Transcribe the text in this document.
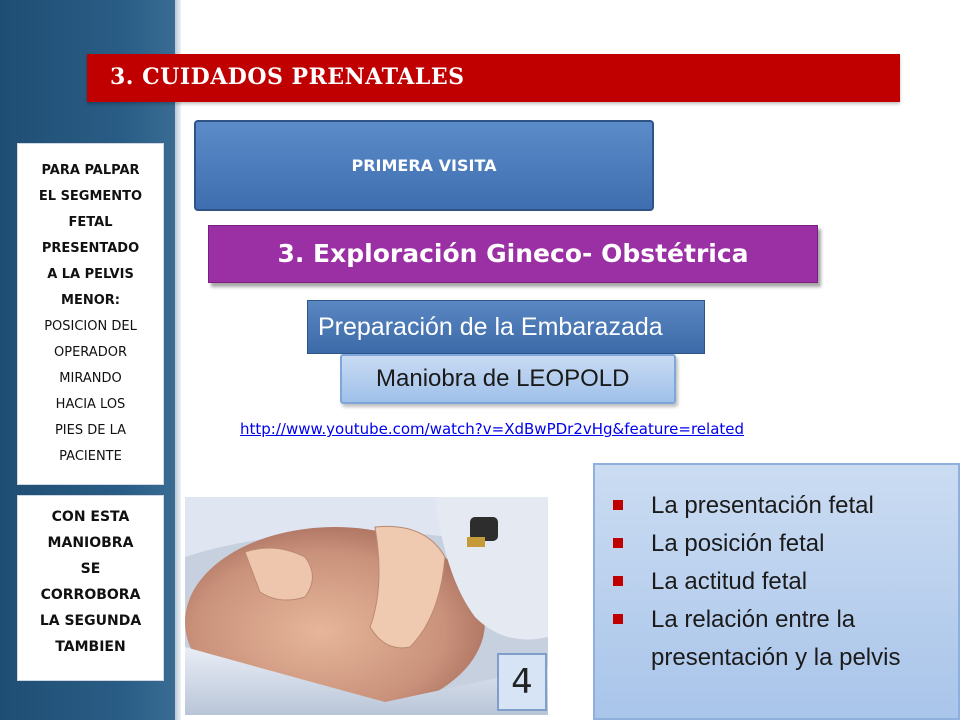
PARA PALPAR
EL SEGMENTO
FETAL
PRESENTADO
A LA PELVIS
MENOR:
POSICION DEL
OPERADOR
MIRANDO
HACIA LOS
PIES DE LA
PACIENTE
CON ESTA
MANIOBRA
SE
CORROBORA
LA SEGUNDA
TAMBIEN
3. CUIDADOS PRENATALES
PRIMERA VISITA
3. Exploración Gineco- Obstétrica
Preparación de la Embarazada
Maniobra de LEOPOLD
http://www.youtube.com/watch?v=XdBwPDr2vHg&feature=related
4
La presentación fetal
La posición fetal
La actitud fetal
La relación entre la presentación y la pelvis
